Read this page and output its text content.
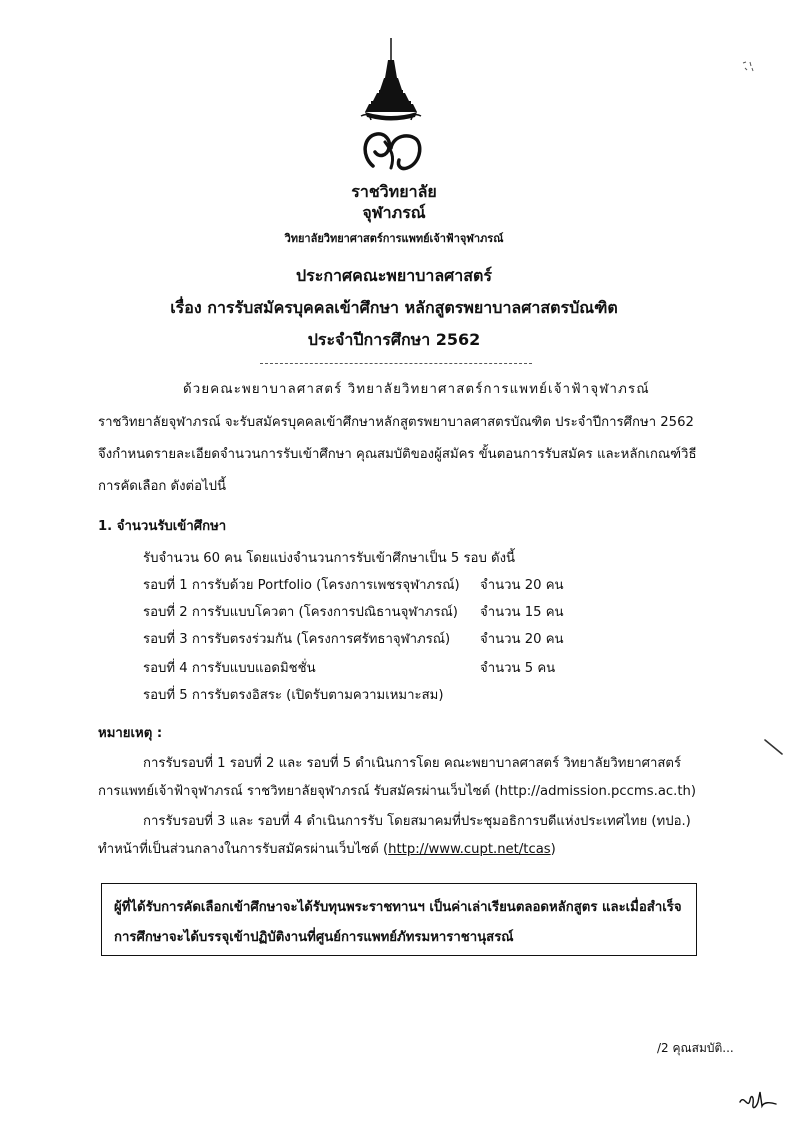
ราชวิทยาลัย
จุฬาภรณ์
วิทยาลัยวิทยาศาสตร์การแพทย์เจ้าฟ้าจุฬาภรณ์
ประกาศคณะพยาบาลศาสตร์
เรื่อง การรับสมัครบุคคลเข้าศึกษา หลักสูตรพยาบาลศาสตรบัณฑิต
ประจำปีการศึกษา 2562
ด้วยคณะพยาบาลศาสตร์ วิทยาลัยวิทยาศาสตร์การแพทย์เจ้าฟ้าจุฬาภรณ์
ราชวิทยาลัยจุฬาภรณ์ จะรับสมัครบุคคลเข้าศึกษาหลักสูตรพยาบาลศาสตรบัณฑิต ประจำปีการศึกษา 2562
จึงกำหนดรายละเอียดจำนวนการรับเข้าศึกษา คุณสมบัติของผู้สมัคร ขั้นตอนการรับสมัคร และหลักเกณฑ์วิธี
การคัดเลือก ดังต่อไปนี้
1. จำนวนรับเข้าศึกษา
รับจำนวน 60 คน โดยแบ่งจำนวนการรับเข้าศึกษาเป็น 5 รอบ ดังนี้
รอบที่ 1 การรับด้วย Portfolio (โครงการเพชรจุฬาภรณ์) จำนวน 20 คน
รอบที่ 2 การรับแบบโควตา (โครงการปณิธานจุฬาภรณ์) จำนวน 15 คน
รอบที่ 3 การรับตรงร่วมกัน (โครงการศรัทธาจุฬาภรณ์) จำนวน 20 คน
รอบที่ 4 การรับแบบแอดมิชชั่น	จำนวน 5 คน
รอบที่ 5 การรับตรงอิสระ (เปิดรับตามความเหมาะสม)
หมายเหตุ :
การรับรอบที่ 1 รอบที่ 2 และ รอบที่ 5 ดำเนินการโดย คณะพยาบาลศาสตร์ วิทยาลัยวิทยาศาสตร์
การแพทย์เจ้าฟ้าจุฬาภรณ์ ราชวิทยาลัยจุฬาภรณ์ รับสมัครผ่านเว็บไซต์ (http://admission.pccms.ac.th)
การรับรอบที่ 3 และ รอบที่ 4 ดำเนินการรับ โดยสมาคมที่ประชุมอธิการบดีแห่งประเทศไทย (ทปอ.)
ทำหน้าที่เป็นส่วนกลางในการรับสมัครผ่านเว็บไซต์ (http://www.cupt.net/tcas)
ผู้ที่ได้รับการคัดเลือกเข้าศึกษาจะได้รับทุนพระราชทานฯ เป็นค่าเล่าเรียนตลอดหลักสูตร และเมื่อสำเร็จ
การศึกษาจะได้บรรจุเข้าปฏิบัติงานที่ศูนย์การแพทย์ภัทรมหาราชานุสรณ์
/2 คุณสมบัติ...
